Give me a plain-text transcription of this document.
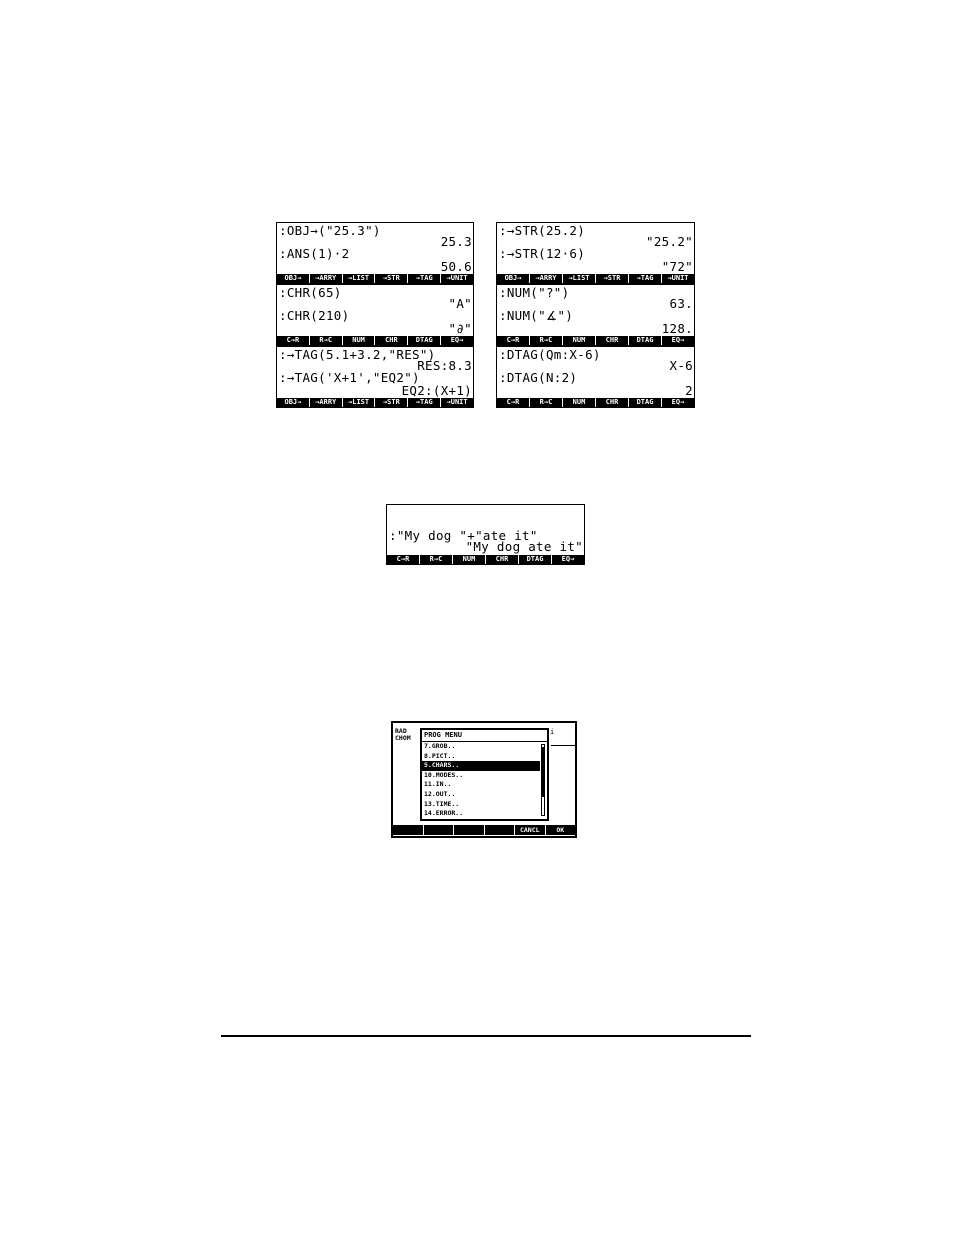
:OBJ→("25.3")
25.3
:ANS(1)·2
50.6
OBJ→	→ARRY	→LIST	→STR	→TAG	→UNIT
:→STR(25.2)
"25.2"
:→STR(12·6)
"72"
OBJ→	→ARRY	→LIST	→STR	→TAG	→UNIT
:CHR(65)
"A"
:CHR(210)
"∂"
C→R	R→C	NUM	CHR	DTAG	EQ→
:NUM("?")
63.
:NUM("∡")
128.
C→R	R→C	NUM	CHR	DTAG	EQ→
:→TAG(5.1+3.2,"RES")
RES:8.3
:→TAG('X+1',"EQ2")
EQ2:(X+1)
OBJ→	→ARRY	→LIST	→STR	→TAG	→UNIT
:DTAG(Qm:X-6)
X-6
:DTAG(N:2)
2
C→R	R→C	NUM	CHR	DTAG	EQ→
:"My dog "+"ate it"
"My dog ate it"
C→R	R→C	NUM	CHR	DTAG	EQ→
RAD
CHOM
i
PROG MENU
7.GROB..
8.PICT..
5.CHARS..
10.MODES..
11.IN..
12.OUT..
13.TIME..
14.ERROR..
CANCL	OK
